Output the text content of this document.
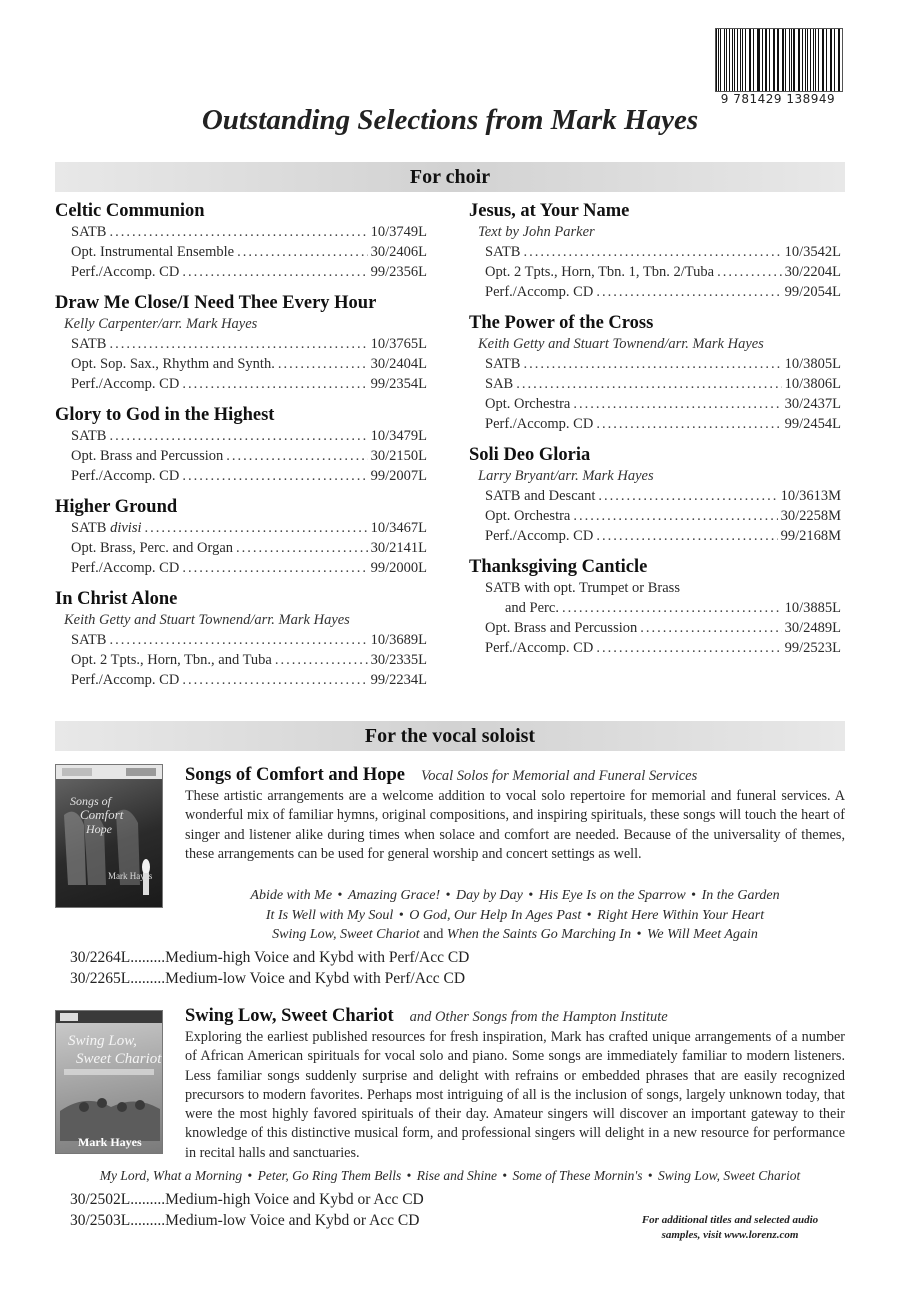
9 781429 138949
Outstanding Selections from Mark Hayes
For choir
Celtic Communion
SATB .....	10/3749L
Opt. Instrumental Ensemble .....	30/2406L
Perf./Accomp. CD .....	99/2356L
Draw Me Close/I Need Thee Every Hour
Kelly Carpenter/arr. Mark Hayes
SATB .....	10/3765L
Opt. Sop. Sax., Rhythm and Synth. .....	30/2404L
Perf./Accomp. CD .....	99/2354L
Glory to God in the Highest
SATB .....	10/3479L
Opt. Brass and Percussion .....	30/2150L
Perf./Accomp. CD .....	99/2007L
Higher Ground
SATB divisi .....	10/3467L
Opt. Brass, Perc. and Organ .....	30/2141L
Perf./Accomp. CD .....	99/2000L
In Christ Alone
Keith Getty and Stuart Townend/arr. Mark Hayes
SATB .....	10/3689L
Opt. 2 Tpts., Horn, Tbn., and Tuba .....	30/2335L
Perf./Accomp. CD .....	99/2234L
Jesus, at Your Name
Text by John Parker
SATB .....	10/3542L
Opt. 2 Tpts., Horn, Tbn. 1, Tbn. 2/Tuba .....	30/2204L
Perf./Accomp. CD .....	99/2054L
The Power of the Cross
Keith Getty and Stuart Townend/arr. Mark Hayes
SATB .....	10/3805L
SAB .....	10/3806L
Opt. Orchestra .....	30/2437L
Perf./Accomp. CD .....	99/2454L
Soli Deo Gloria
Larry Bryant/arr. Mark Hayes
SATB and Descant .....	10/3613M
Opt. Orchestra .....	30/2258M
Perf./Accomp. CD .....	99/2168M
Thanksgiving Canticle
SATB with opt. Trumpet or Brass
and Perc. .....	10/3885L
Opt. Brass and Percussion .....	30/2489L
Perf./Accomp. CD .....	99/2523L
For the vocal soloist
Songs of
Comfort
Hope
Mark Hayes
Songs of Comfort and Hope Vocal Solos for Memorial and Funeral Services
These artistic arrangements are a welcome addition to vocal solo repertoire for memorial and funeral services. A wonderful mix of familiar hymns, original compositions, and inspiring spirituals, these songs will touch the heart of singer and listener alike during times when solace and comfort are needed. Because of the universality of themes, these arrangements can be used for general worship and concert settings as well.
Abide with Me • Amazing Grace! • Day by Day • His Eye Is on the Sparrow • In the Garden
It Is Well with My Soul • O God, Our Help In Ages Past • Right Here Within Your Heart
Swing Low, Sweet Chariot and When the Saints Go Marching In • We Will Meet Again
30/2264L.........Medium-high Voice and Kybd with Perf/Acc CD
30/2265L.........Medium-low Voice and Kybd with Perf/Acc CD
Swing Low,
Sweet Chariot
Mark Hayes
Swing Low, Sweet Chariot and Other Songs from the Hampton Institute
Exploring the earliest published resources for fresh inspiration, Mark has crafted unique arrangements of a number of African American spirituals for vocal solo and piano. Some songs are immediately familiar to modern listeners. Less familiar songs suddenly surprise and delight with refrains or embedded phrases that are easily recognized precursors to modern favorites. Perhaps most intriguing of all is the inclusion of songs, largely unknown today, that were the most highly favored spirituals of their day. Amateur singers will discover an important gateway to their knowledge of this distinctive musical form, and professional singers will delight in a new resource for performance in recital halls and sanctuaries.
My Lord, What a Morning • Peter, Go Ring Them Bells • Rise and Shine • Some of These Mornin's • Swing Low, Sweet Chariot
30/2502L.........Medium-high Voice and Kybd or Acc CD
30/2503L.........Medium-low Voice and Kybd or Acc CD	For additional titles and selected audio
samples, visit www.lorenz.com
